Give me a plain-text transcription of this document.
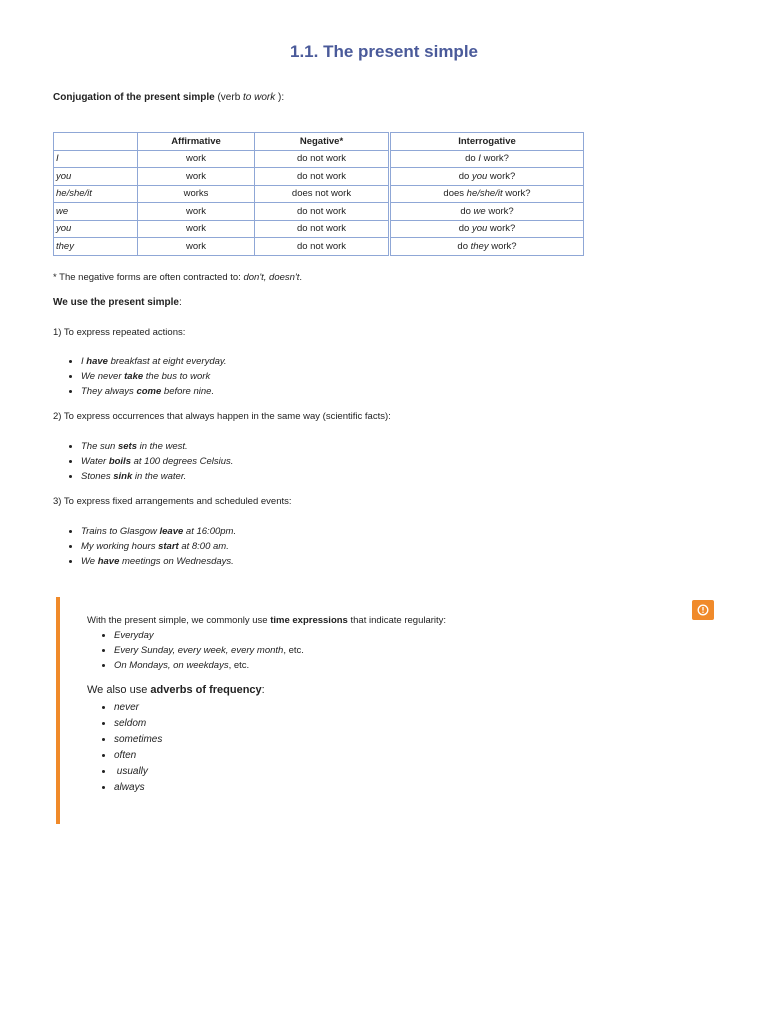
1.1. The present simple
Conjugation of the present simple (verb to work ):
	Affirmative	Negative*	Interrogative
I	work	do not work	do I work?
you	work	do not work	do you work?
he/she/it	works	does not work	does he/she/it work?
we	work	do not work	do we work?
you	work	do not work	do you work?
they	work	do not work	do they work?
* The negative forms are often contracted to: don't, doesn't.
We use the present simple:
1) To express repeated actions:
• I have breakfast at eight everyday.
• We never take the bus to work
• They always come before nine.
2) To express occurrences that always happen in the same way (scientific facts):
• The sun sets in the west.
• Water boils at 100 degrees Celsius.
• Stones sink in the water.
3) To express fixed arrangements and scheduled events:
• Trains to Glasgow leave at 16:00pm.
• My working hours start at 8:00 am.
• We have meetings on Wednesdays.
With the present simple, we commonly use time expressions that indicate regularity:
• Everyday
• Every Sunday, every week, every month, etc.
• On Mondays, on weekdays, etc.
We also use adverbs of frequency:
• never
• seldom
• sometimes
• often
•  usually
• always
